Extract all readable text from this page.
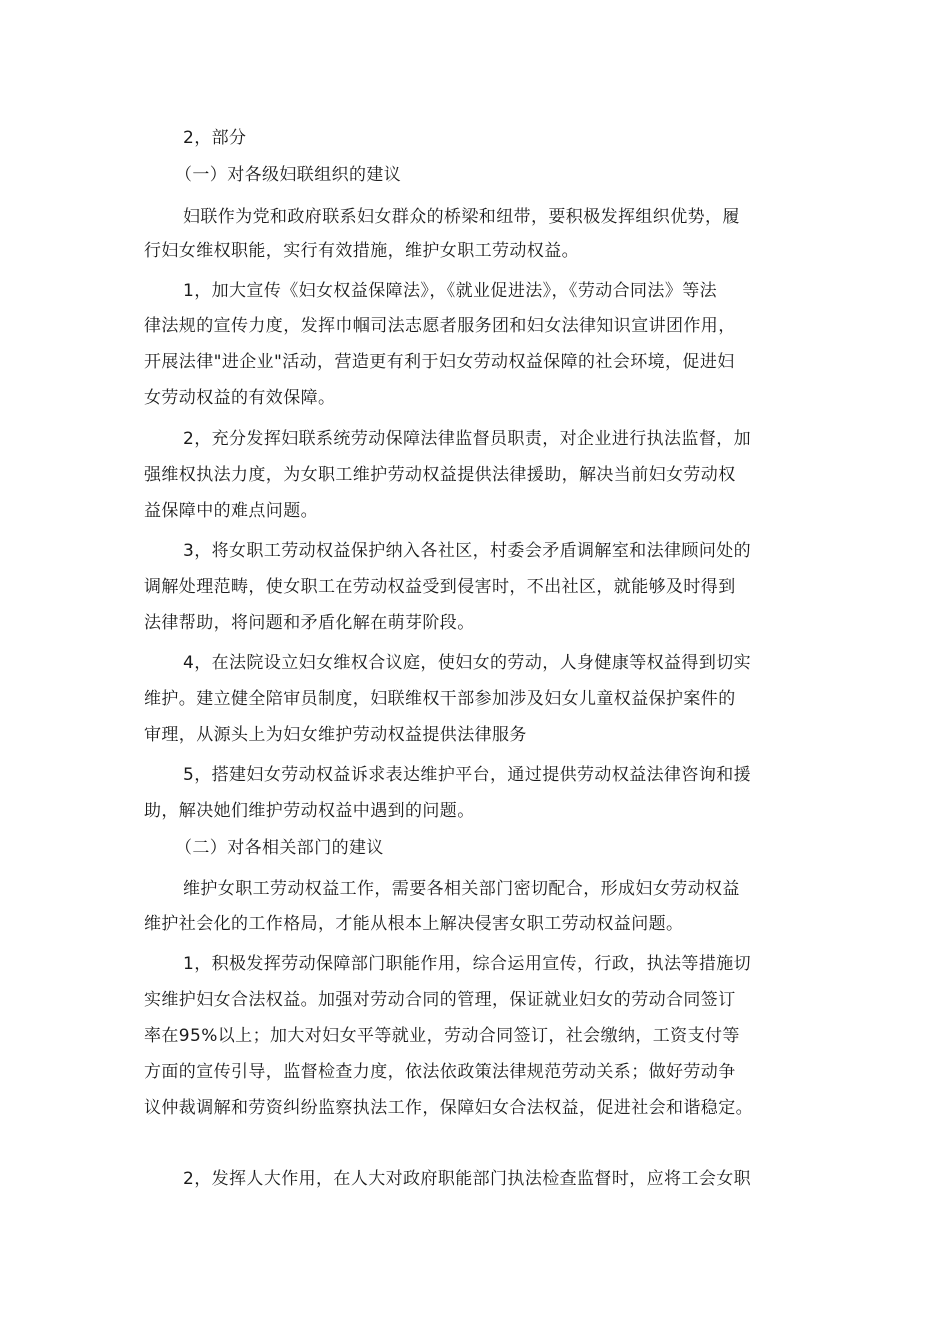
2，部分
（一）对各级妇联组织的建议
妇联作为党和政府联系妇女群众的桥梁和纽带，要积极发挥组织优势，履
行妇女维权职能，实行有效措施，维护女职工劳动权益。
1，加大宣传《妇女权益保障法》，《就业促进法》，《劳动合同法》等法
律法规的宣传力度，发挥巾帼司法志愿者服务团和妇女法律知识宣讲团作用，
开展法律"进企业"活动，营造更有利于妇女劳动权益保障的社会环境，促进妇
女劳动权益的有效保障。
2，充分发挥妇联系统劳动保障法律监督员职责，对企业进行执法监督，加
强维权执法力度，为女职工维护劳动权益提供法律援助，解决当前妇女劳动权
益保障中的难点问题。
3，将女职工劳动权益保护纳入各社区，村委会矛盾调解室和法律顾问处的
调解处理范畴，使女职工在劳动权益受到侵害时，不出社区，就能够及时得到
法律帮助，将问题和矛盾化解在萌芽阶段。
4，在法院设立妇女维权合议庭，使妇女的劳动，人身健康等权益得到切实
维护。建立健全陪审员制度，妇联维权干部参加涉及妇女儿童权益保护案件的
审理，从源头上为妇女维护劳动权益提供法律服务
5，搭建妇女劳动权益诉求表达维护平台，通过提供劳动权益法律咨询和援
助，解决她们维护劳动权益中遇到的问题。
（二）对各相关部门的建议
维护女职工劳动权益工作，需要各相关部门密切配合，形成妇女劳动权益
维护社会化的工作格局，才能从根本上解决侵害女职工劳动权益问题。
1，积极发挥劳动保障部门职能作用，综合运用宣传，行政，执法等措施切
实维护妇女合法权益。加强对劳动合同的管理，保证就业妇女的劳动合同签订
率在95%以上；加大对妇女平等就业，劳动合同签订，社会缴纳，工资支付等
方面的宣传引导，监督检查力度，依法依政策法律规范劳动关系；做好劳动争
议仲裁调解和劳资纠纷监察执法工作，保障妇女合法权益，促进社会和谐稳定。
2，发挥人大作用，在人大对政府职能部门执法检查监督时，应将工会女职
